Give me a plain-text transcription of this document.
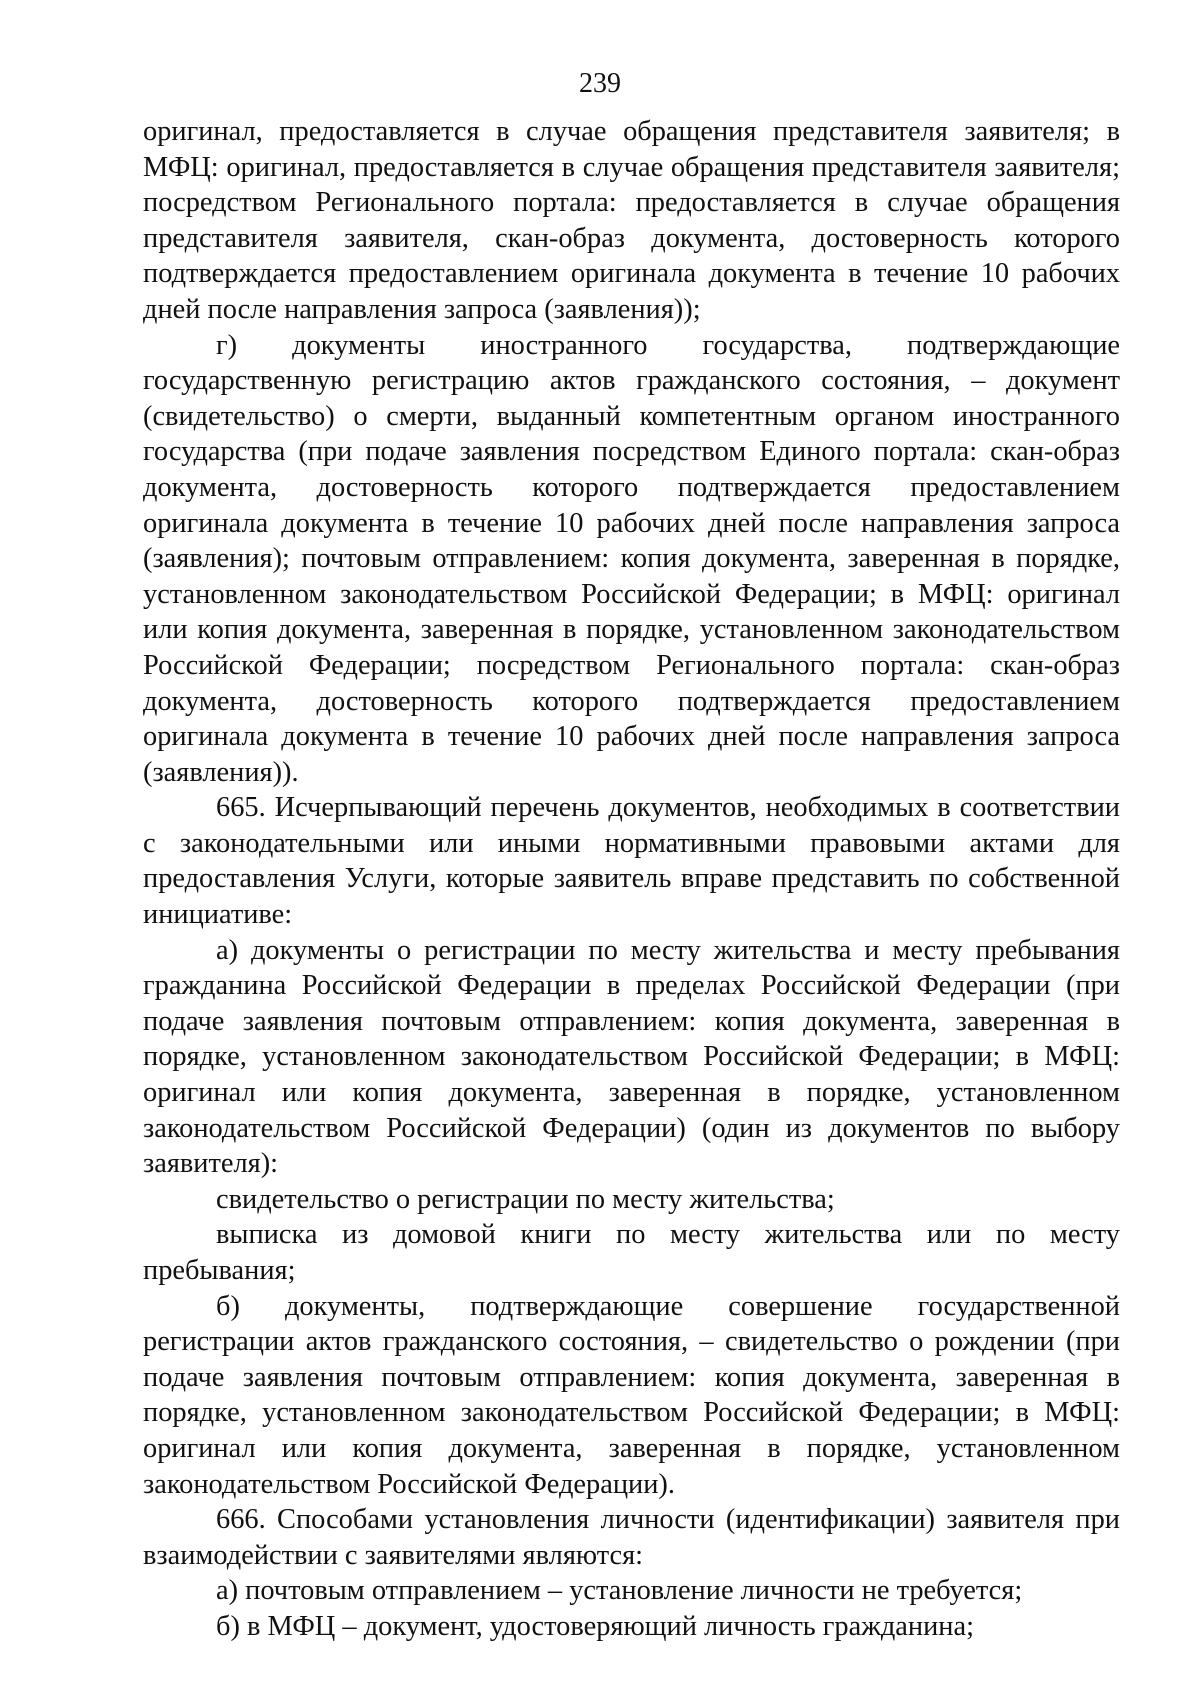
239

оригинал, предоставляется в случае обращения представителя заявителя; в МФЦ: оригинал, предоставляется в случае обращения представителя заявителя; посредством Регионального портала: предоставляется в случае обращения представителя заявителя, скан-образ документа, достоверность которого подтверждается предоставлением оригинала документа в течение 10 рабочих дней после направления запроса (заявления));

г) документы иностранного государства, подтверждающие государственную регистрацию актов гражданского состояния, – документ (свидетельство) о смерти, выданный компетентным органом иностранного государства (при подаче заявления посредством Единого портала: скан-образ документа, достоверность которого подтверждается предоставлением оригинала документа в течение 10 рабочих дней после направления запроса (заявления); почтовым отправлением: копия документа, заверенная в порядке, установленном законодательством Российской Федерации; в МФЦ: оригинал или копия документа, заверенная в порядке, установленном законодательством Российской Федерации; посредством Регионального портала: скан-образ документа, достоверность которого подтверждается предоставлением оригинала документа в течение 10 рабочих дней после направления запроса (заявления)).

665. Исчерпывающий перечень документов, необходимых в соответствии с законодательными или иными нормативными правовыми актами для предоставления Услуги, которые заявитель вправе представить по собственной инициативе:

а) документы о регистрации по месту жительства и месту пребывания гражданина Российской Федерации в пределах Российской Федерации (при подаче заявления почтовым отправлением: копия документа, заверенная в порядке, установленном законодательством Российской Федерации; в МФЦ: оригинал или копия документа, заверенная в порядке, установленном законодательством Российской Федерации) (один из документов по выбору заявителя):

свидетельство о регистрации по месту жительства;

выписка из домовой книги по месту жительства или по месту пребывания;

б) документы, подтверждающие совершение государственной регистрации актов гражданского состояния, – свидетельство о рождении (при подаче заявления почтовым отправлением: копия документа, заверенная в порядке, установленном законодательством Российской Федерации; в МФЦ: оригинал или копия документа, заверенная в порядке, установленном законодательством Российской Федерации).

666. Способами установления личности (идентификации) заявителя при взаимодействии с заявителями являются:

а) почтовым отправлением – установление личности не требуется;

б) в МФЦ – документ, удостоверяющий личность гражданина;
